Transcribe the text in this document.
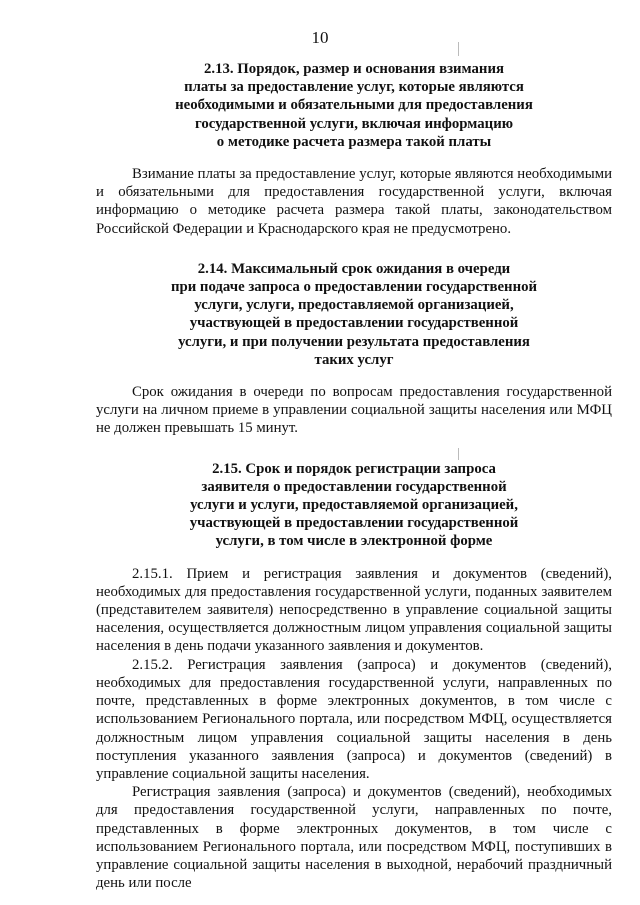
10
2.13. Порядок, размер и основания взимания
платы за предоставление услуг, которые являются
необходимыми и обязательными для предоставления
государственной услуги, включая информацию
о методике расчета размера такой платы

Взимание платы за предоставление услуг, которые являются необходимыми и обязательными для предоставления государственной услуги, включая информацию о методике расчета размера такой платы, законодательством Российской Федерации и Краснодарского края не предусмотрено.

2.14. Максимальный срок ожидания в очереди
при подаче запроса о предоставлении государственной
услуги, услуги, предоставляемой организацией,
участвующей в предоставлении государственной
услуги, и при получении результата предоставления
таких услуг

Срок ожидания в очереди по вопросам предоставления государственной услуги на личном приеме в управлении социальной защиты населения или МФЦ не должен превышать 15 минут.

2.15. Срок и порядок регистрации запроса
заявителя о предоставлении государственной
услуги и услуги, предоставляемой организацией,
участвующей в предоставлении государственной
услуги, в том числе в электронной форме

2.15.1. Прием и регистрация заявления и документов (сведений), необходимых для предоставления государственной услуги, поданных заявителем (представителем заявителя) непосредственно в управление социальной защиты населения, осуществляется должностным лицом управления социальной защиты населения в день подачи указанного заявления и документов.

2.15.2. Регистрация заявления (запроса) и документов (сведений), необходимых для предоставления государственной услуги, направленных по почте, представленных в форме электронных документов, в том числе с использованием Регионального портала, или посредством МФЦ, осуществляется должностным лицом управления социальной защиты населения в день поступления указанного заявления (запроса) и документов (сведений) в управление социальной защиты населения.

Регистрация заявления (запроса) и документов (сведений), необходимых для предоставления государственной услуги, направленных по почте, представленных в форме электронных документов, в том числе с использованием Регионального портала, или посредством МФЦ, поступивших в управление социальной защиты населения в выходной, нерабочий праздничный день или после
